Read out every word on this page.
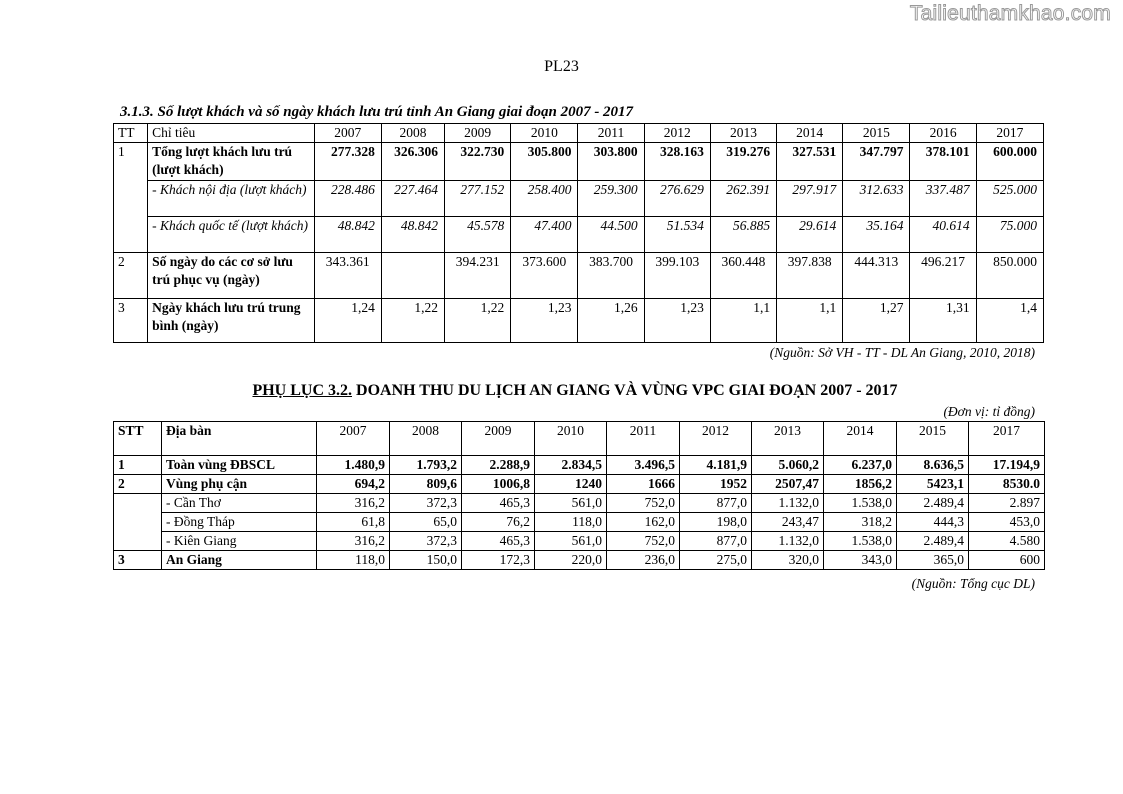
Tailieuthamkhao.com
PL23
3.1.3. Số lượt khách và số ngày khách lưu trú tỉnh An Giang giai đoạn 2007 - 2017
TT	Chỉ tiêu	2007	2008	2009	2010	2011	2012	2013	2014	2015	2016	2017
1	Tổng lượt khách lưu trú (lượt khách)	277.328	326.306	322.730	305.800	303.800	328.163	319.276	327.531	347.797	378.101	600.000
	- Khách nội địa (lượt khách)	228.486	227.464	277.152	258.400	259.300	276.629	262.391	297.917	312.633	337.487	525.000
	- Khách quốc tế (lượt khách)	48.842	48.842	45.578	47.400	44.500	51.534	56.885	29.614	35.164	40.614	75.000
2	Số ngày do các cơ sở lưu trú phục vụ (ngày)	343.361		394.231	373.600	383.700	399.103	360.448	397.838	444.313	496.217	850.000
3	Ngày khách lưu trú trung bình (ngày)	1,24	1,22	1,22	1,23	1,26	1,23	1,1	1,1	1,27	1,31	1,4
(Nguồn: Sở VH - TT - DL An Giang, 2010, 2018)
PHỤ LỤC 3.2. DOANH THU DU LỊCH AN GIANG VÀ VÙNG VPC GIAI ĐOẠN 2007 - 2017
(Đơn vị: tỉ đồng)
STT	Địa bàn	2007	2008	2009	2010	2011	2012	2013	2014	2015	2017
1	Toàn vùng ĐBSCL	1.480,9	1.793,2	2.288,9	2.834,5	3.496,5	4.181,9	5.060,2	6.237,0	8.636,5	17.194,9
2	Vùng phụ cận	694,2	809,6	1006,8	1240	1666	1952	2507,47	1856,2	5423,1	8530.0
	- Cần Thơ	316,2	372,3	465,3	561,0	752,0	877,0	1.132,0	1.538,0	2.489,4	2.897
	- Đồng Tháp	61,8	65,0	76,2	118,0	162,0	198,0	243,47	318,2	444,3	453,0
	- Kiên Giang	316,2	372,3	465,3	561,0	752,0	877,0	1.132,0	1.538,0	2.489,4	4.580
3	An Giang	118,0	150,0	172,3	220,0	236,0	275,0	320,0	343,0	365,0	600
(Nguồn: Tổng cục DL)
